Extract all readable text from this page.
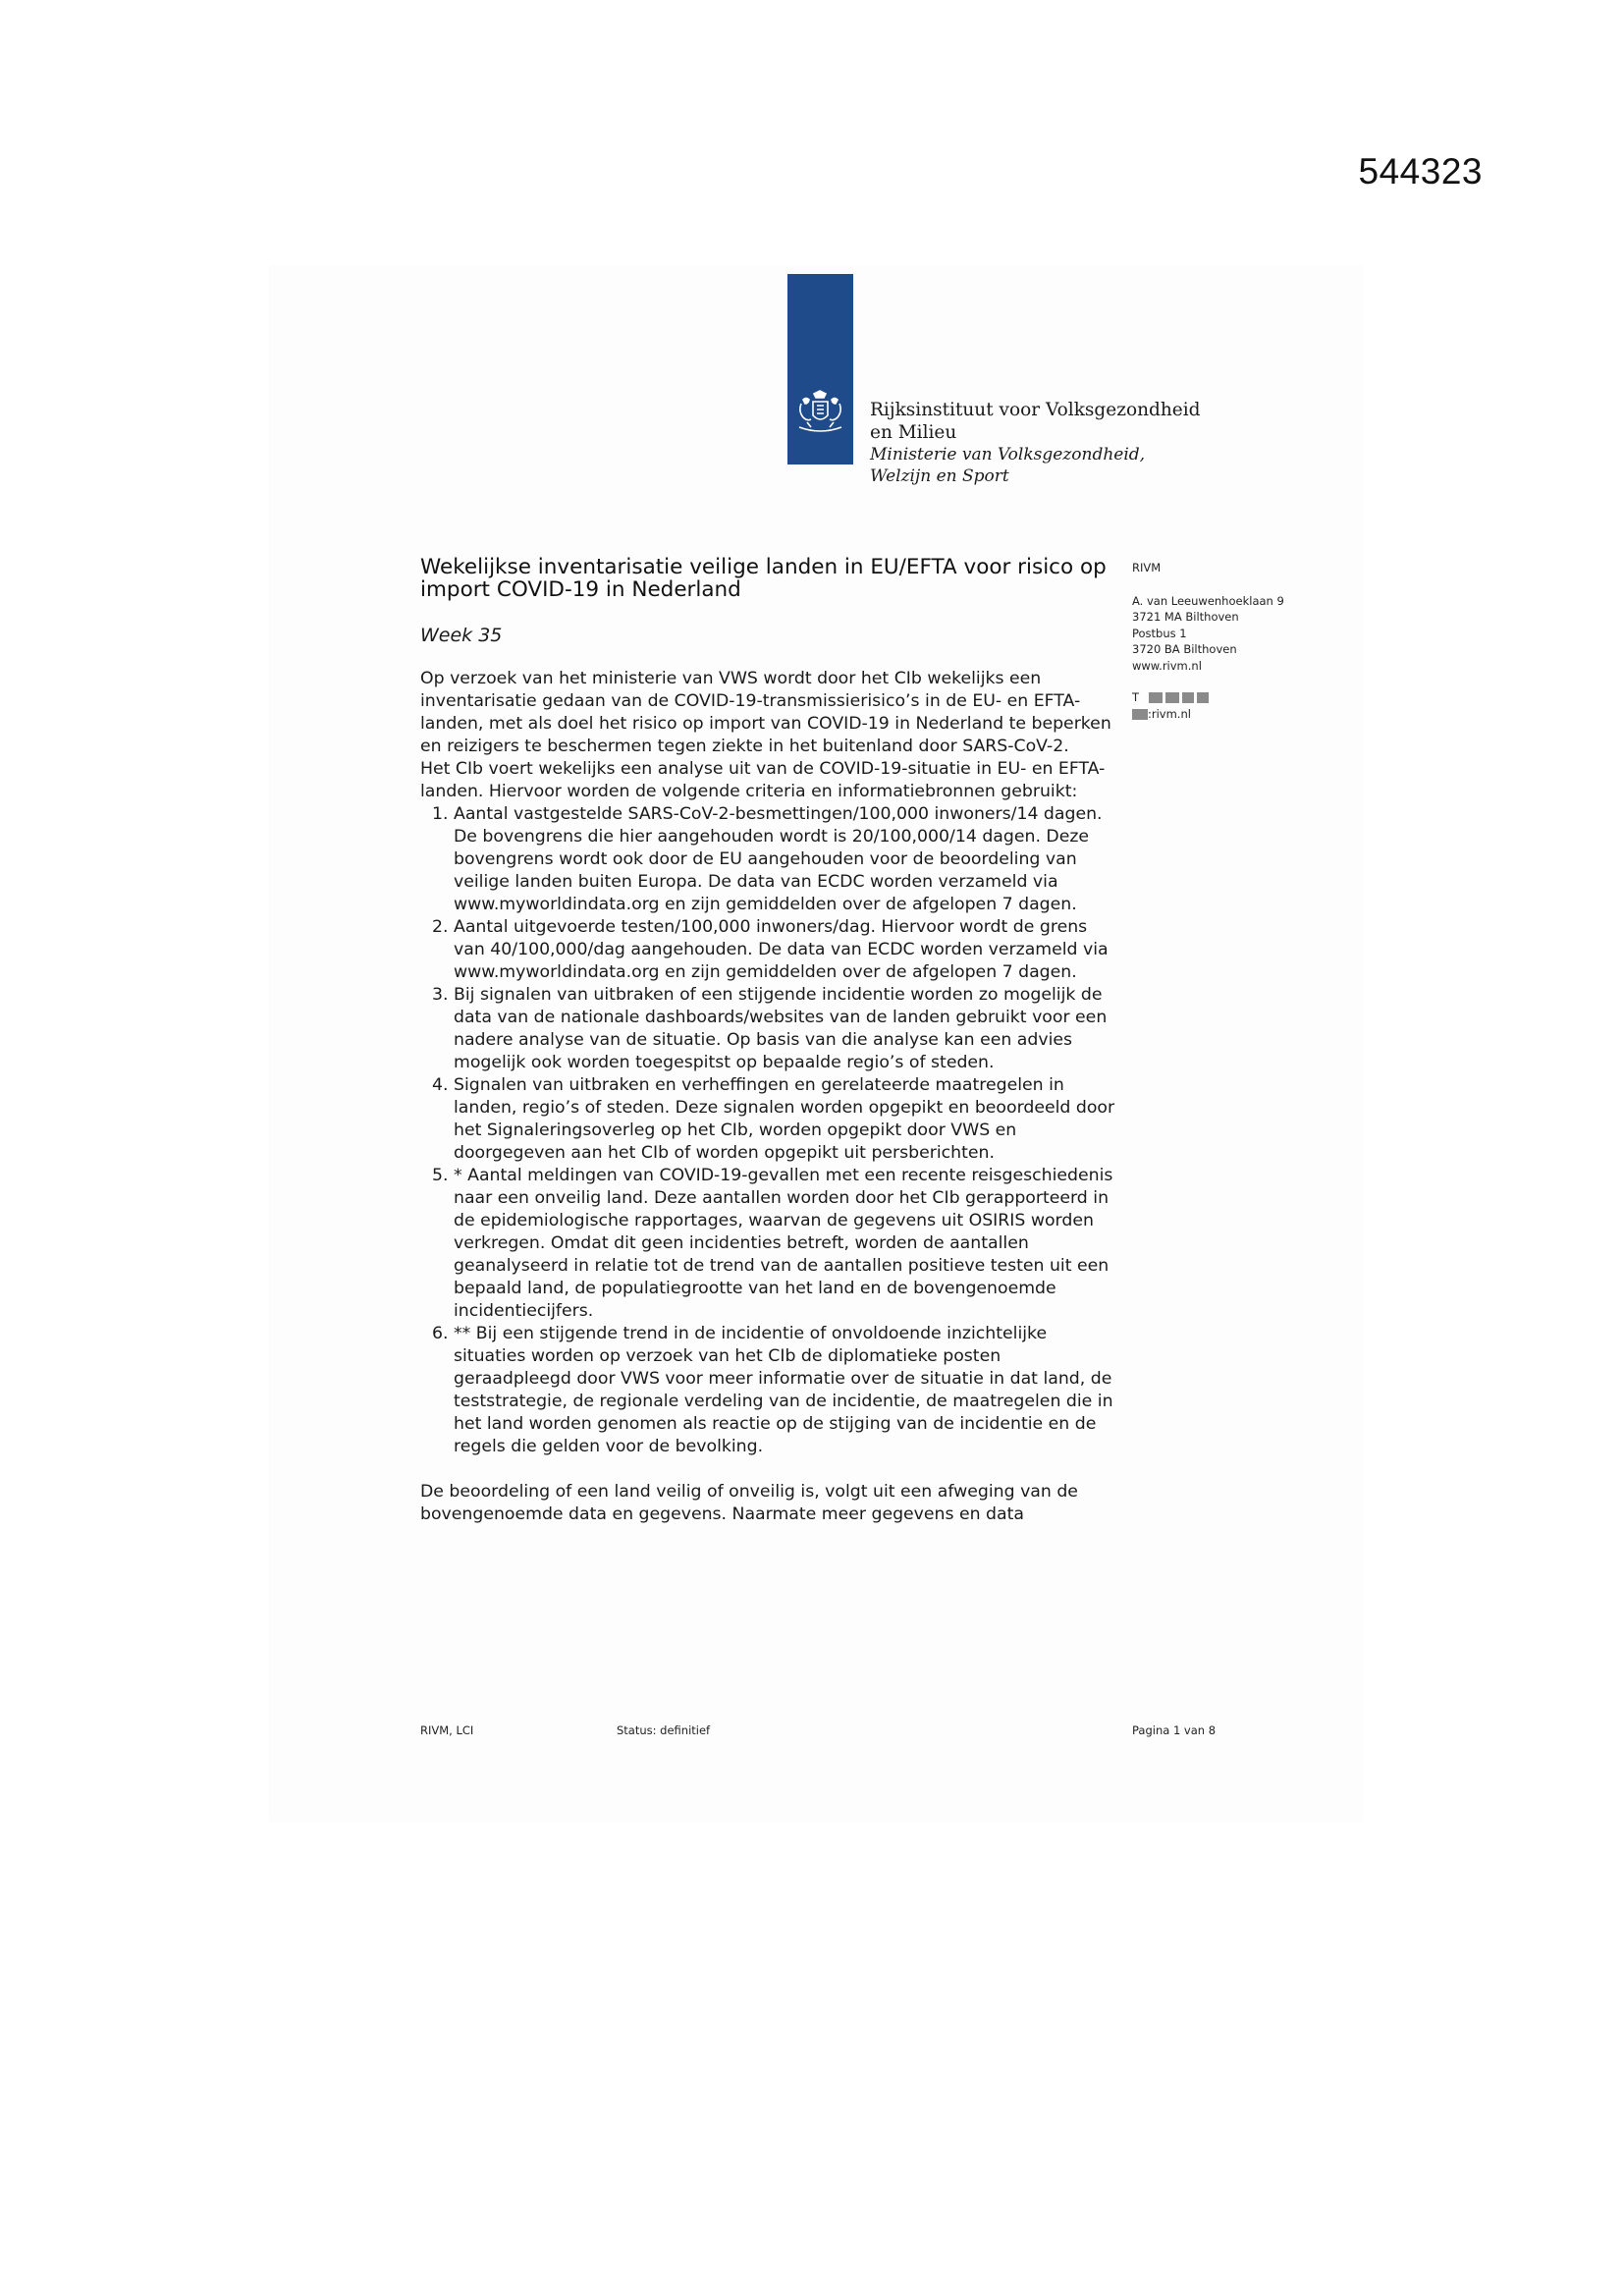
544323
Rijksinstituut voor Volksgezondheid
en Milieu
Ministerie van Volksgezondheid,
Welzijn en Sport
Wekelijkse inventarisatie veilige landen in EU/EFTA voor risico op import COVID-19 in Nederland
Week 35

Op verzoek van het ministerie van VWS wordt door het CIb wekelijks een inventarisatie gedaan van de COVID-19-transmissierisico’s in de EU- en EFTA-landen, met als doel het risico op import van COVID-19 in Nederland te beperken en reizigers te beschermen tegen ziekte in het buitenland door SARS-CoV-2.

Het CIb voert wekelijks een analyse uit van de COVID-19-situatie in EU- en EFTA-landen. Hiervoor worden de volgende criteria en informatiebronnen gebruikt:

1. Aantal vastgestelde SARS-CoV-2-besmettingen/100,000 inwoners/14 dagen. De bovengrens die hier aangehouden wordt is 20/100,000/14 dagen. Deze bovengrens wordt ook door de EU aangehouden voor de beoordeling van veilige landen buiten Europa. De data van ECDC worden verzameld via www.myworldindata.org en zijn gemiddelden over de afgelopen 7 dagen.
2. Aantal uitgevoerde testen/100,000 inwoners/dag. Hiervoor wordt de grens van 40/100,000/dag aangehouden. De data van ECDC worden verzameld via www.myworldindata.org en zijn gemiddelden over de afgelopen 7 dagen.
3. Bij signalen van uitbraken of een stijgende incidentie worden zo mogelijk de data van de nationale dashboards/websites van de landen gebruikt voor een nadere analyse van de situatie. Op basis van die analyse kan een advies mogelijk ook worden toegespitst op bepaalde regio’s of steden.
4. Signalen van uitbraken en verheffingen en gerelateerde maatregelen in landen, regio’s of steden. Deze signalen worden opgepikt en beoordeeld door het Signaleringsoverleg op het CIb, worden opgepikt door VWS en doorgegeven aan het CIb of worden opgepikt uit persberichten.
5. * Aantal meldingen van COVID-19-gevallen met een recente reisgeschiedenis naar een onveilig land. Deze aantallen worden door het CIb gerapporteerd in de epidemiologische rapportages, waarvan de gegevens uit OSIRIS worden verkregen. Omdat dit geen incidenties betreft, worden de aantallen geanalyseerd in relatie tot de trend van de aantallen positieve testen uit een bepaald land, de populatiegrootte van het land en de bovengenoemde incidentiecijfers.
6. ** Bij een stijgende trend in de incidentie of onvoldoende inzichtelijke situaties worden op verzoek van het CIb de diplomatieke posten geraadpleegd door VWS voor meer informatie over de situatie in dat land, de teststrategie, de regionale verdeling van de incidentie, de maatregelen die in het land worden genomen als reactie op de stijging van de incidentie en de regels die gelden voor de bevolking.

De beoordeling of een land veilig of onveilig is, volgt uit een afweging van de bovengenoemde data en gegevens. Naarmate meer gegevens en data

RIVM
A. van Leeuwenhoeklaan 9
3721 MA Bilthoven
Postbus 1
3720 BA Bilthoven
www.rivm.nl
T
:rivm.nl
RIVM, LCI	Status: definitief	Pagina 1 van 8
